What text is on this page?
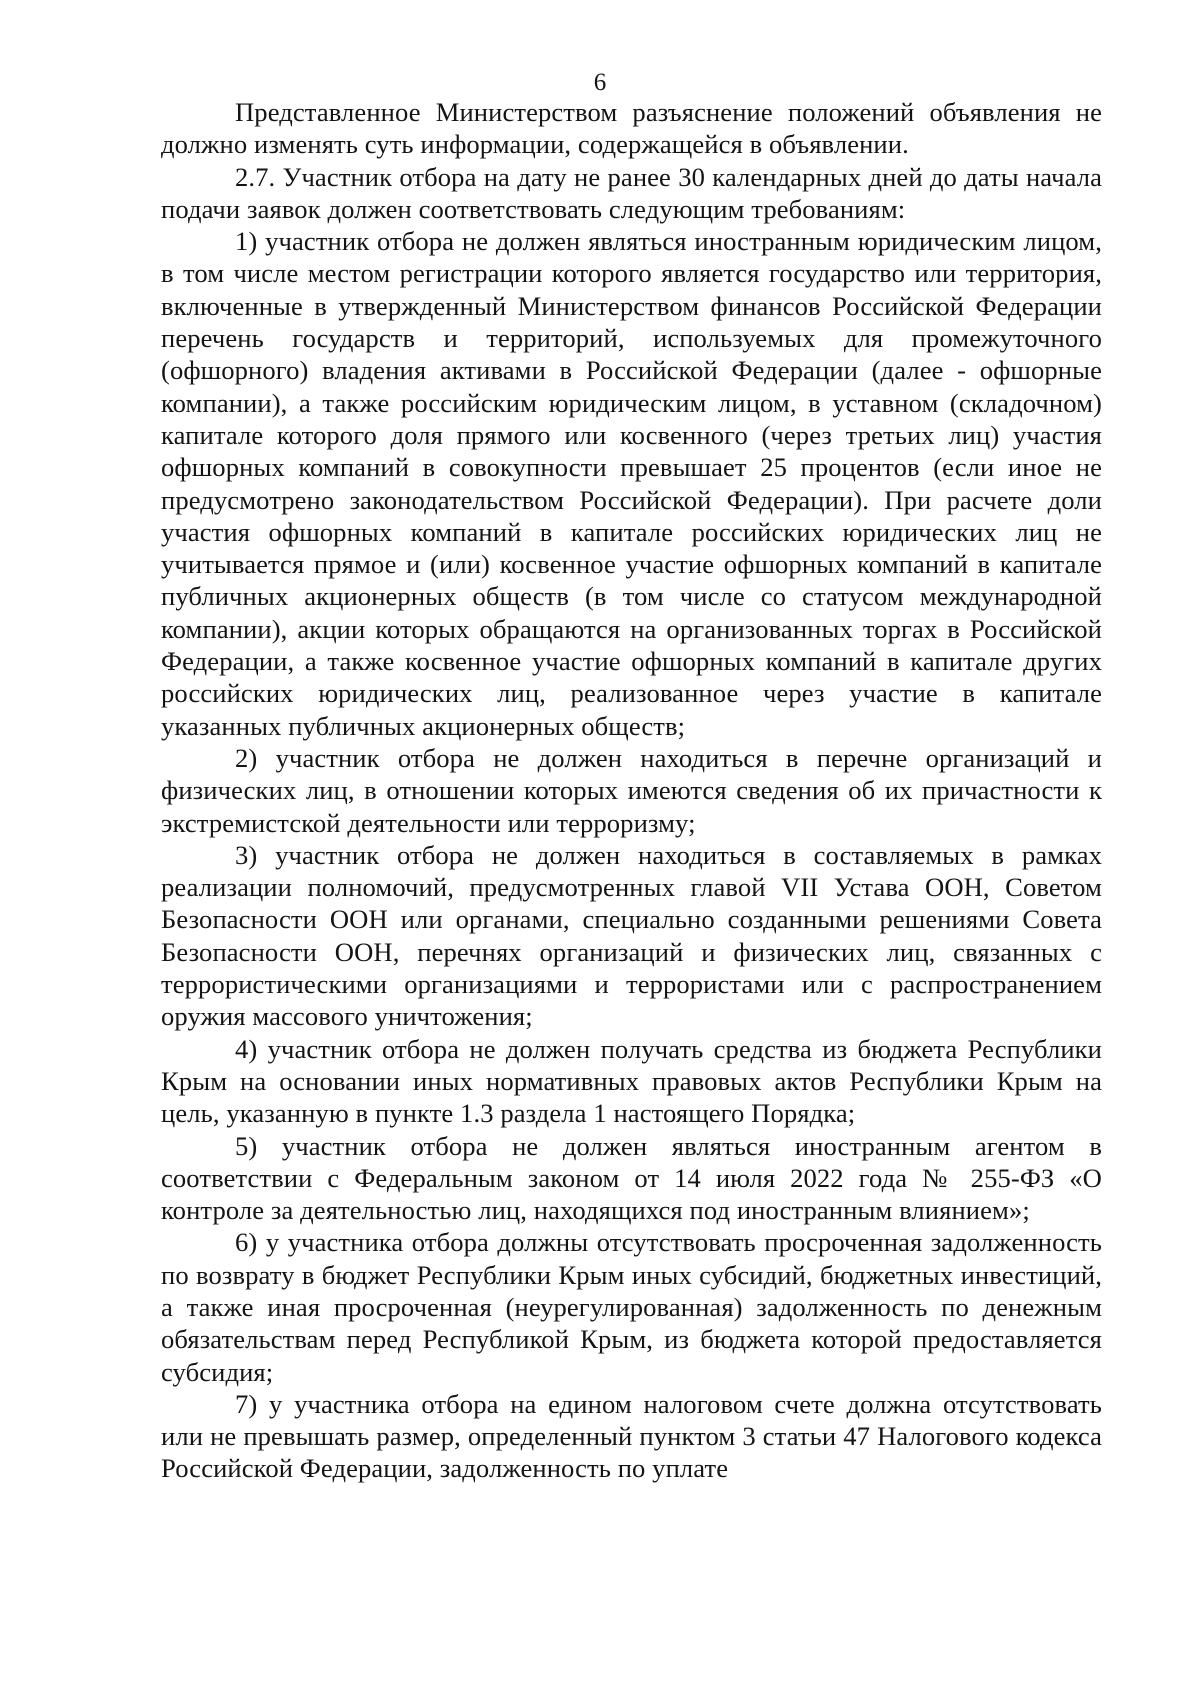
6

Представленное Министерством разъяснение положений объявления не должно изменять суть информации, содержащейся в объявлении.

2.7. Участник отбора на дату не ранее 30 календарных дней до даты начала подачи заявок должен соответствовать следующим требованиям:

1) участник отбора не должен являться иностранным юридическим лицом, в том числе местом регистрации которого является государство или территория, включенные в утвержденный Министерством финансов Российской Федерации перечень государств и территорий, используемых для промежуточного (офшорного) владения активами в Российской Федерации (далее - офшорные компании), а также российским юридическим лицом, в уставном (складочном) капитале которого доля прямого или косвенного (через третьих лиц) участия офшорных компаний в совокупности превышает 25 процентов (если иное не предусмотрено законодательством Российской Федерации). При расчете доли участия офшорных компаний в капитале российских юридических лиц не учитывается прямое и (или) косвенное участие офшорных компаний в капитале публичных акционерных обществ (в том числе со статусом международной компании), акции которых обращаются на организованных торгах в Российской Федерации, а также косвенное участие офшорных компаний в капитале других российских юридических лиц, реализованное через участие в капитале указанных публичных акционерных обществ;

2) участник отбора не должен находиться в перечне организаций и физических лиц, в отношении которых имеются сведения об их причастности к экстремистской деятельности или терроризму;

3) участник отбора не должен находиться в составляемых в рамках реализации полномочий, предусмотренных главой VII Устава ООН, Советом Безопасности ООН или органами, специально созданными решениями Совета Безопасности ООН, перечнях организаций и физических лиц, связанных с террористическими организациями и террористами или с распространением оружия массового уничтожения;

4) участник отбора не должен получать средства из бюджета Республики Крым на основании иных нормативных правовых актов Республики Крым на цель, указанную в пункте 1.3 раздела 1 настоящего Порядка;

5) участник отбора не должен являться иностранным агентом в соответствии с Федеральным законом от 14 июля 2022 года № 255-ФЗ «О контроле за деятельностью лиц, находящихся под иностранным влиянием»;

6) у участника отбора должны отсутствовать просроченная задолженность по возврату в бюджет Республики Крым иных субсидий, бюджетных инвестиций, а также иная просроченная (неурегулированная) задолженность по денежным обязательствам перед Республикой Крым, из бюджета которой предоставляется субсидия;

7) у участника отбора на едином налоговом счете должна отсутствовать или не превышать размер, определенный пунктом 3 статьи 47 Налогового кодекса Российской Федерации, задолженность по уплате
